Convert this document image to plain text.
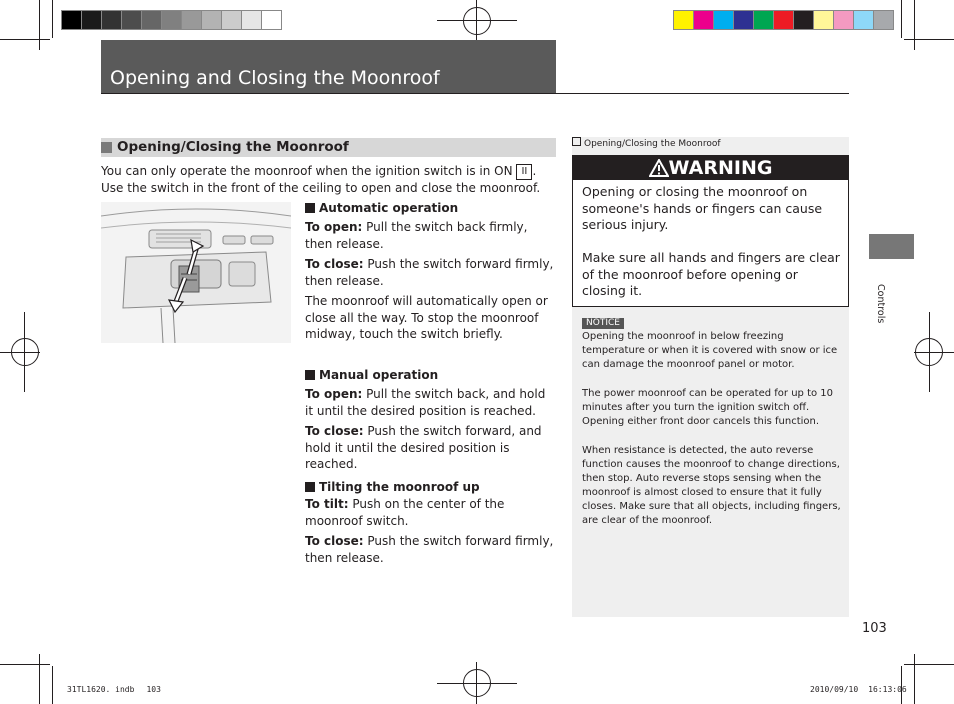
Opening and Closing the Moonroof
Opening/Closing the Moonroof
You can only operate the moonroof when the ignition switch is in ON II . Use the switch in the front of the ceiling to open and close the moonroof.
Automatic operation

To open: Pull the switch back firmly, then release.

To close: Push the switch forward firmly, then release.

The moonroof will automatically open or close all the way. To stop the moonroof midway, touch the switch briefly.

Manual operation

To open: Pull the switch back, and hold it until the desired position is reached.

To close: Push the switch forward, and hold it until the desired position is reached.

Tilting the moonroof up

To tilt: Push on the center of the moonroof switch.

To close: Push the switch forward firmly, then release.

Opening/Closing the Moonroof
WARNING
Opening or closing the moonroof on someone's hands or fingers can cause serious injury.
Make sure all hands and fingers are clear of the moonroof before opening or closing it.
NOTICE
Opening the moonroof in below freezing temperature or when it is covered with snow or ice can damage the moonroof panel or motor.
The power moonroof can be operated for up to 10 minutes after you turn the ignition switch off. Opening either front door cancels this function.
When resistance is detected, the auto reverse function causes the moonroof to change directions, then stop. Auto reverse stops sensing when the moonroof is almost closed to ensure that it fully closes. Make sure that all objects, including fingers, are clear of the moonroof.
Controls
103
31TL1620. indb 103	2010/09/10 16:13:06
